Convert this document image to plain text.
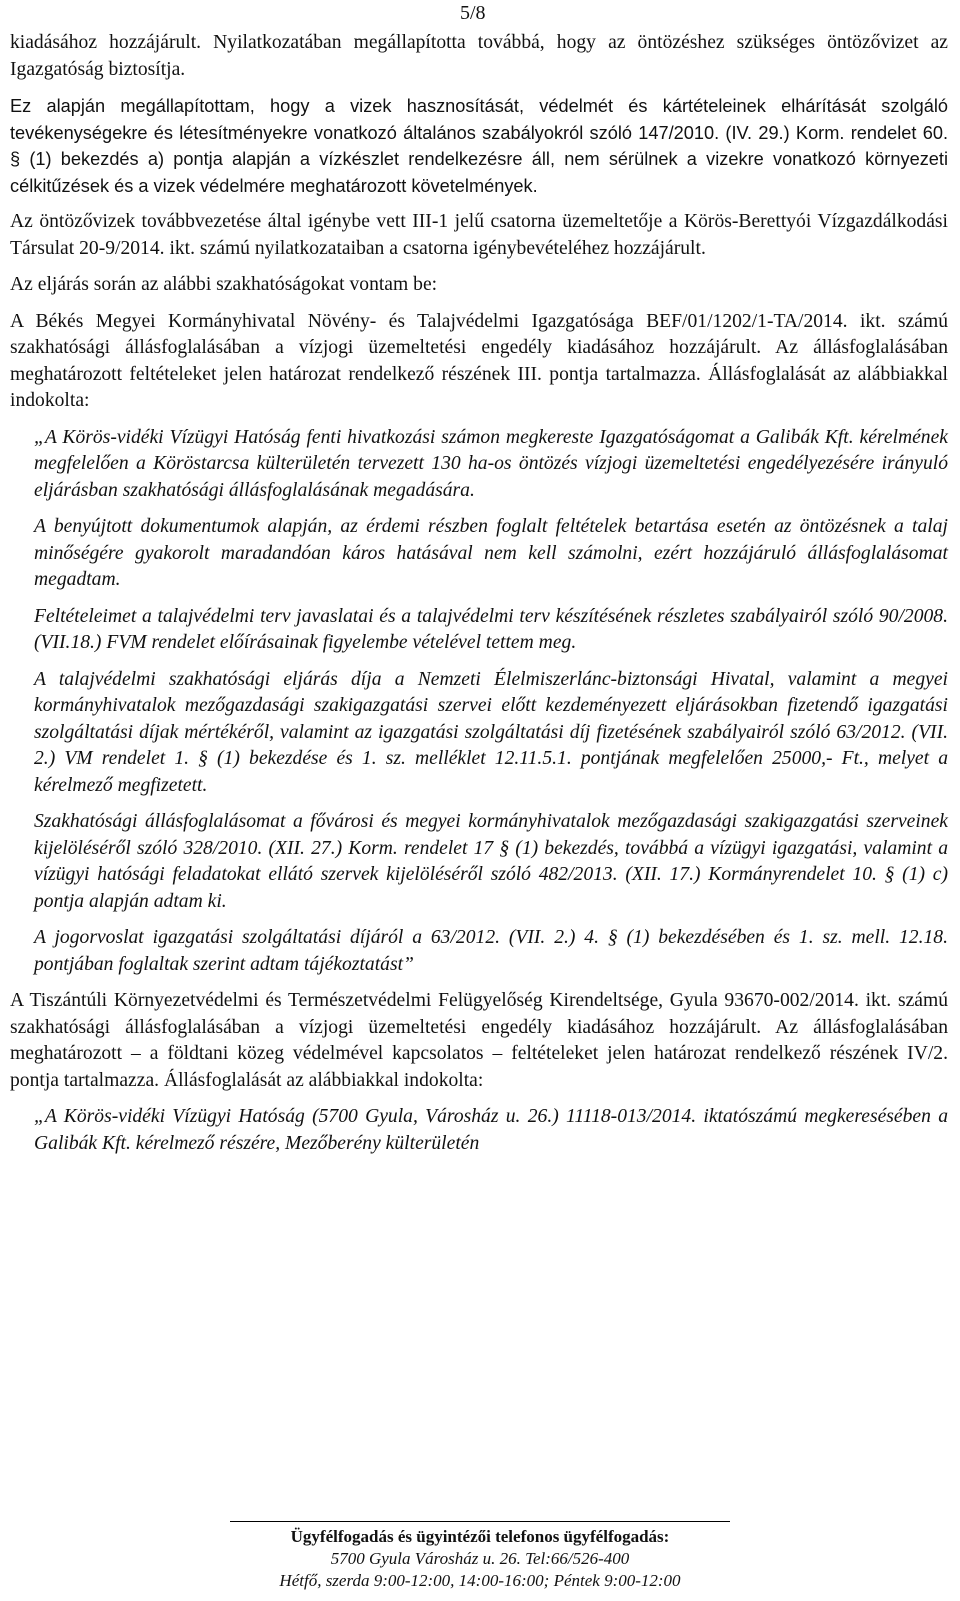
5/8

kiadásához hozzájárult. Nyilatkozatában megállapította továbbá, hogy az öntözéshez szükséges öntözővizet az Igazgatóság biztosítja.

Ez alapján megállapítottam, hogy a vizek hasznosítását, védelmét és kártételeinek elhárítását szolgáló tevékenységekre és létesítményekre vonatkozó általános szabályokról szóló 147/2010. (IV. 29.) Korm. rendelet 60. § (1) bekezdés a) pontja alapján a vízkészlet rendelkezésre áll, nem sérülnek a vizekre vonatkozó környezeti célkitűzések és a vizek védelmére meghatározott követelmények.

Az öntözővizek továbbvezetése által igénybe vett III-1 jelű csatorna üzemeltetője a Körös-Berettyói Vízgazdálkodási Társulat 20-9/2014. ikt. számú nyilatkozataiban a csatorna igénybevételéhez hozzájárult.

Az eljárás során az alábbi szakhatóságokat vontam be:

A Békés Megyei Kormányhivatal Növény- és Talajvédelmi Igazgatósága BEF/01/1202/1-TA/2014. ikt. számú szakhatósági állásfoglalásában a vízjogi üzemeltetési engedély kiadásához hozzájárult. Az állásfoglalásában meghatározott feltételeket jelen határozat rendelkező részének III. pontja tartalmazza. Állásfoglalását az alábbiakkal indokolta:

„A Körös-vidéki Vízügyi Hatóság fenti hivatkozási számon megkereste Igazgatóságomat a Galibák Kft. kérelmének megfelelően a Köröstarcsa külterületén tervezett 130 ha-os öntözés vízjogi üzemeltetési engedélyezésére irányuló eljárásban szakhatósági állásfoglalásának megadására.

A benyújtott dokumentumok alapján, az érdemi részben foglalt feltételek betartása esetén az öntözésnek a talaj minőségére gyakorolt maradandóan káros hatásával nem kell számolni, ezért hozzájáruló állásfoglalásomat megadtam.

Feltételeimet a talajvédelmi terv javaslatai és a talajvédelmi terv készítésének részletes szabályairól szóló 90/2008. (VII.18.) FVM rendelet előírásainak figyelembe vételével tettem meg.

A talajvédelmi szakhatósági eljárás díja a Nemzeti Élelmiszerlánc-biztonsági Hivatal, valamint a megyei kormányhivatalok mezőgazdasági szakigazgatási szervei előtt kezdeményezett eljárásokban fizetendő igazgatási szolgáltatási díjak mértékéről, valamint az igazgatási szolgáltatási díj fizetésének szabályairól szóló 63/2012. (VII. 2.) VM rendelet 1. § (1) bekezdése és 1. sz. melléklet 12.11.5.1. pontjának megfelelően 25000,- Ft., melyet a kérelmező megfizetett.

Szakhatósági állásfoglalásomat a fővárosi és megyei kormányhivatalok mezőgazdasági szakigazgatási szerveinek kijelöléséről szóló 328/2010. (XII. 27.) Korm. rendelet 17 § (1) bekezdés, továbbá a vízügyi igazgatási, valamint a vízügyi hatósági feladatokat ellátó szervek kijelöléséről szóló 482/2013. (XII. 17.) Kormányrendelet 10. § (1) c) pontja alapján adtam ki.

A jogorvoslat igazgatási szolgáltatási díjáról a 63/2012. (VII. 2.) 4. § (1) bekezdésében és 1. sz. mell. 12.18. pontjában foglaltak szerint adtam tájékoztatást”

A Tiszántúli Környezetvédelmi és Természetvédelmi Felügyelőség Kirendeltsége, Gyula 93670-002/2014. ikt. számú szakhatósági állásfoglalásában a vízjogi üzemeltetési engedély kiadásához hozzájárult. Az állásfoglalásában meghatározott – a földtani közeg védelmével kapcsolatos – feltételeket jelen határozat rendelkező részének IV/2. pontja tartalmazza. Állásfoglalását az alábbiakkal indokolta:

„A Körös-vidéki Vízügyi Hatóság (5700 Gyula, Városház u. 26.) 11118-013/2014. iktatószámú megkeresésében a Galibák Kft. kérelmező részére, Mezőberény külterületén

Ügyfélfogadás és ügyintézői telefonos ügyfélfogadás:
5700 Gyula Városház u. 26. Tel:66/526-400
Hétfő, szerda 9:00-12:00, 14:00-16:00; Péntek 9:00-12:00
